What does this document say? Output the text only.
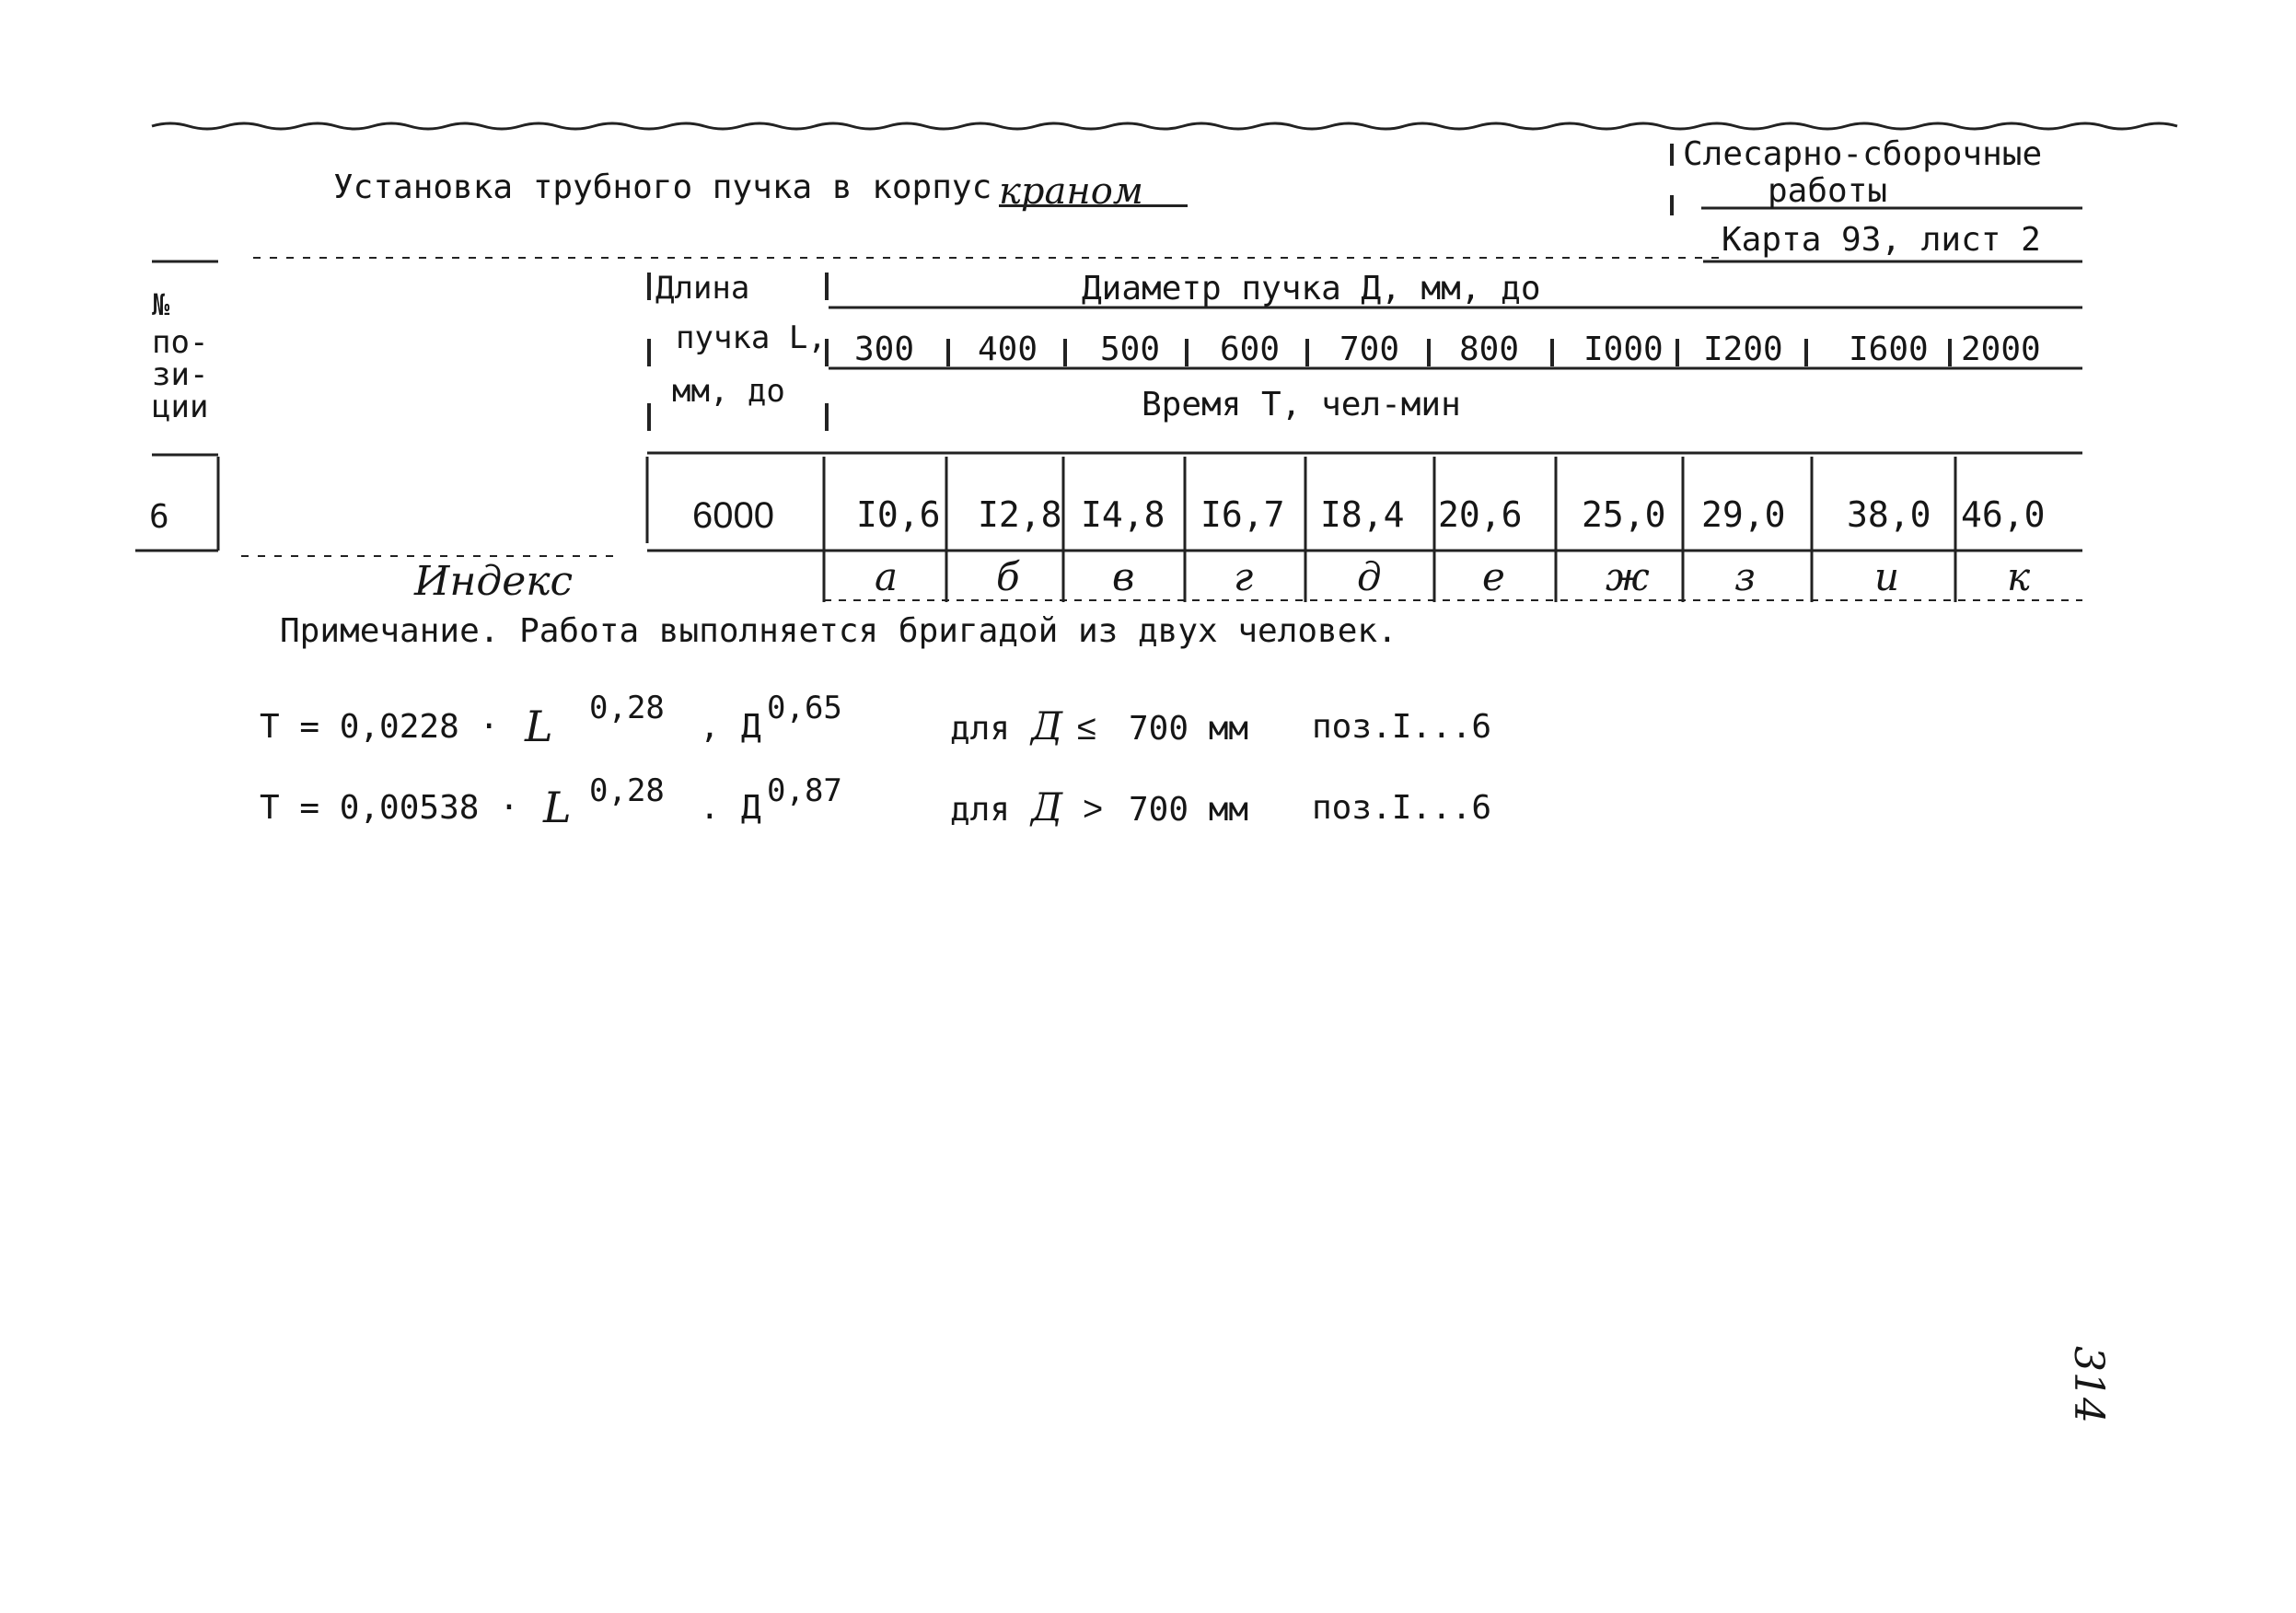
Установка трубного пучка в корпус краном
Слесарно-сборочные
работы
Карта 93, лист 2
№
по-
зи-
ции
Длина
пучка L,
мм, до
Диаметр пучка Д, мм, до
Время Т, чел-мин
300 400 500 600 700 800 I000 I200 I600 2000
6	6000 I0,6 I2,8 I4,8 I6,7 I8,4 20,6 25,0 29,0 38,0 46,0
Индекс	а	б в	г	д	е	ж з	и	к
Примечание. Работа выполняется бригадой из двух человек.
Т = 0,0228 · L 0,28 , Д 0,65
для Д ≤ 700 мм поз.I...6
Т = 0,00538 · L 0,28 . Д 0,87	для Д > 700 мм поз.I...6
314
